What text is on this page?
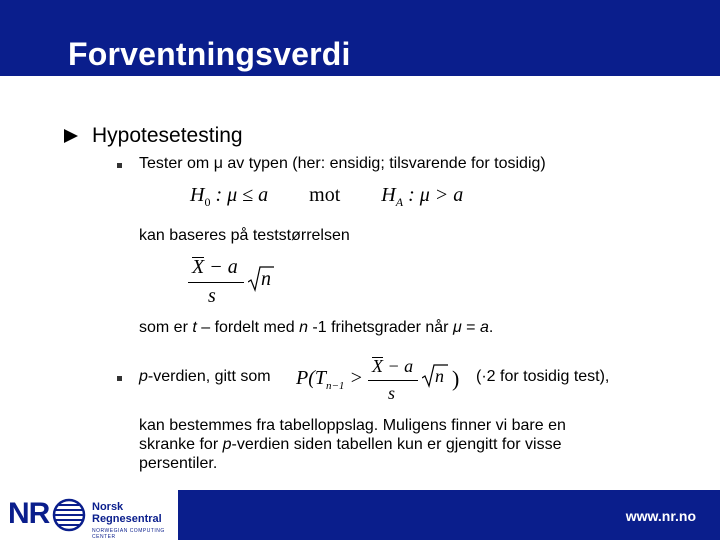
Forventningsverdi
Hypotesetesting
Tester om μ av typen (her: ensidig; tilsvarende for tosidig)
$H_0$ : μ ≤ a mot $H_A$ : μ > a
kan baseres på teststørrelsen
X − a
s
n
som er t – fordelt med n -1 frihetsgrader når μ = a.
p-verdien, gitt som $P(T_{n-1}$ >
X − a
s
n ) (·2 for tosidig test),
kan bestemmes fra tabelloppslag. Muligens finner vi bare en
skranke for p-verdien siden tabellen kun er gjengitt for visse
persentiler.
NR	Norsk
Regnesentral
NORWEGIAN COMPUTING CENTER
www.nr.no
